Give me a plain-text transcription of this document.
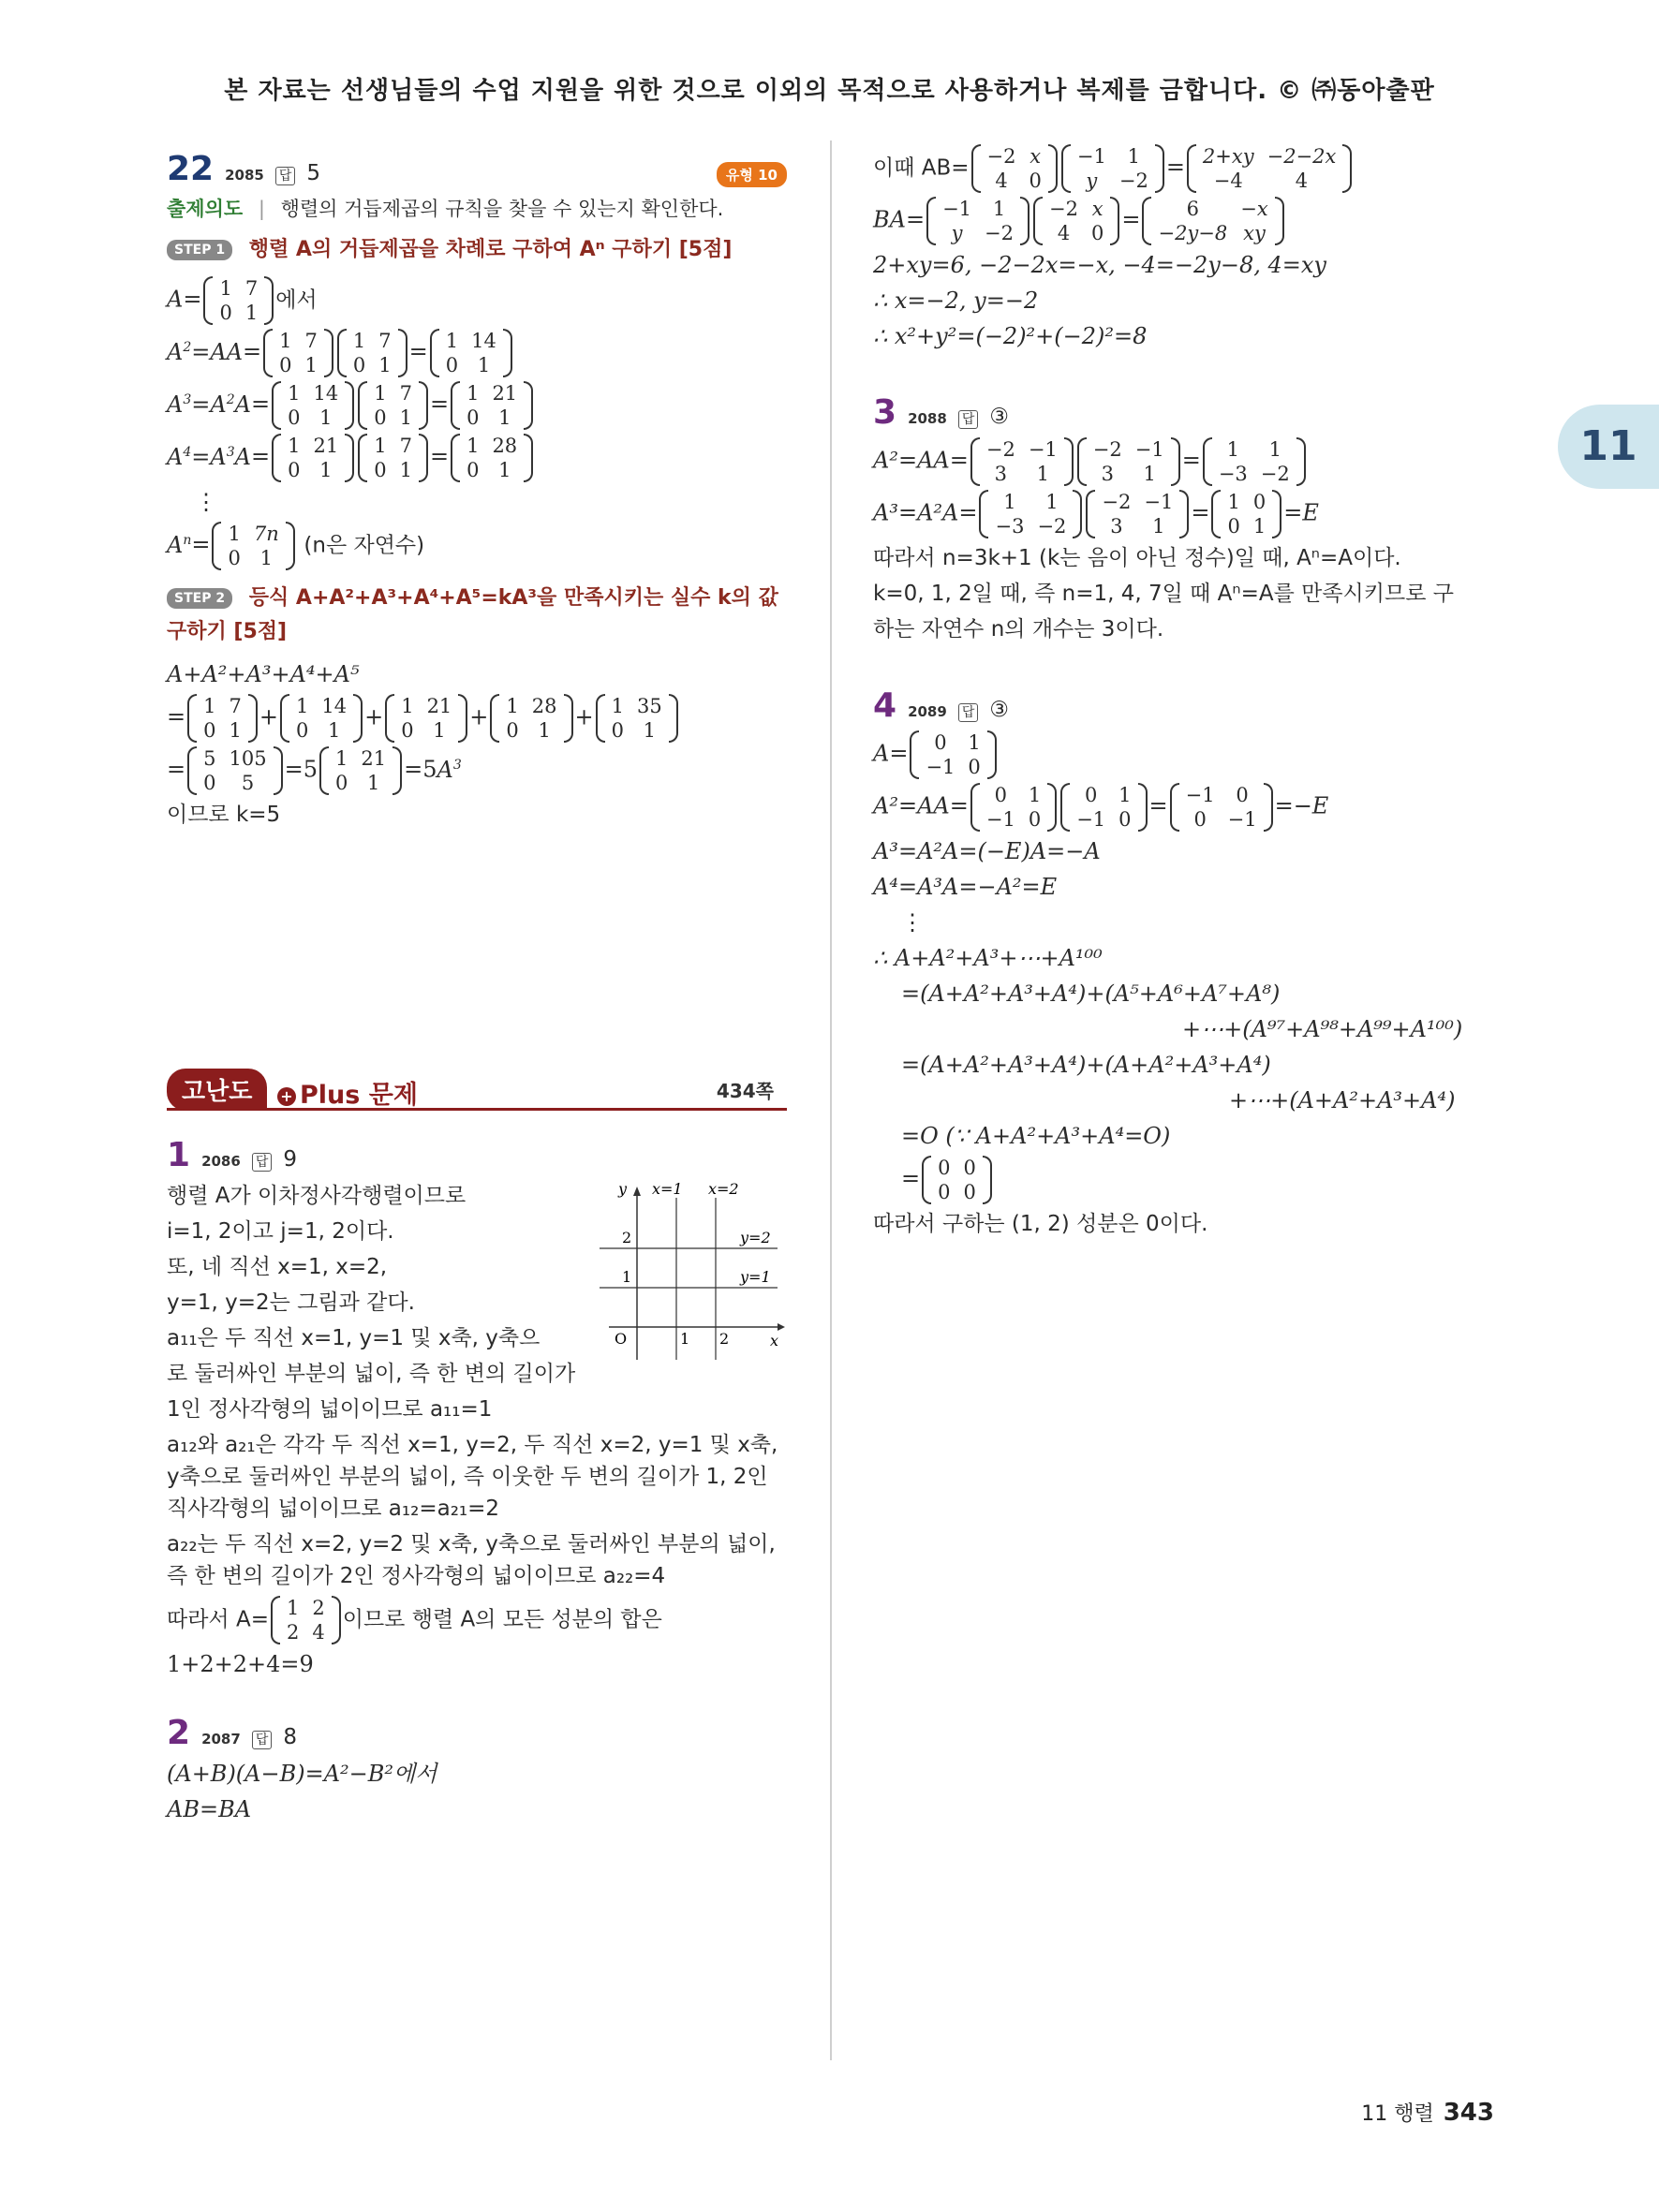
본 자료는 선생님들의 수업 지원을 위한 것으로 이외의 목적으로 사용하거나 복제를 금합니다. © ㈜동아출판
11
22 2085 답 5	유형 10
출제의도 | 행렬의 거듭제곱의 규칙을 찾을 수 있는지 확인한다.
STEP 1 행렬 A의 거듭제곱을 차례로 구하여 Aⁿ 구하기 [5점]
A= 1	7
0	1
에서
$A^2=AA= 1$	7
0	1
1	7
0	1
= 1	14
0	1
$A^3=A^2A= 1$	14
0	1
1	7
0	1
= 1	21
0	1
$A^4=A^3A= 1$	21
0	1
1	7
0	1
= 1	28
0	1
⋮
$A^n= 1$	7n
0	1
(n은 자연수)
STEP 2 등식 A+A²+A³+A⁴+A⁵=kA³을 만족시키는 실수 k의 값 구하기 [5점]
A+A²+A³+A⁴+A⁵
= 1	7
0	1
+ 1	14
0	1
+ 1	21
0	1
+ 1	28
0	1
+ 1	35
0	1
= 5	105
0	5
=5 1	21
0	1
$=5A^3$
이므로 k=5
고난도	+ Plus 문제	434쪽
1 2086 답 9
y x=1 x=2
y=2
y=1
2
1
O	1 2	x
행렬 A가 이차정사각행렬이므로
i=1, 2이고 j=1, 2이다.
또, 네 직선 x=1, x=2,
y=1, y=2는 그림과 같다.
a₁₁은 두 직선 x=1, y=1 및 x축, y축으
로 둘러싸인 부분의 넓이, 즉 한 변의 길이가
1인 정사각형의 넓이이므로 a₁₁=1
a₁₂와 a₂₁은 각각 두 직선 x=1, y=2, 두 직선 x=2, y=1 및 x축, y축으로 둘러싸인 부분의 넓이, 즉 이웃한 두 변의 길이가 1, 2인 직사각형의 넓이이므로 a₁₂=a₂₁=2
a₂₂는 두 직선 x=2, y=2 및 x축, y축으로 둘러싸인 부분의 넓이, 즉 한 변의 길이가 2인 정사각형의 넓이이므로 a₂₂=4
따라서 A= 1	2
2	4
이므로 행렬 A의 모든 성분의 합은
1+2+2+4=9
2 2087 답 8
(A+B)(A−B)=A²−B²에서
AB=BA
이때 AB= −2	x
4	0
−1	1
y	−2
= 2+xy	−2−2x
−4	4
BA= −1	1
y	−2
−2	x
4	0
= 6	−x
−2y−8	xy
2+xy=6, −2−2x=−x, −4=−2y−8, 4=xy
∴ x=−2, y=−2
∴ x²+y²=(−2)²+(−2)²=8
3 2088 답 ③
A²=AA= −2	−1
3	1
−2	−1
3	1
= 1	1
−3	−2
A³=A²A= 1	1
−3	−2
−2	−1
3	1
= 1	0
0	1
=E
따라서 n=3k+1 (k는 음이 아닌 정수)일 때, Aⁿ=A이다.
k=0, 1, 2일 때, 즉 n=1, 4, 7일 때 Aⁿ=A를 만족시키므로 구
하는 자연수 n의 개수는 3이다.
4 2089 답 ③
A= 0	1
−1	0
A²=AA= 0	1
−1	0
0	1
−1	0
= −1	0
0	−1
=−E
A³=A²A=(−E)A=−A
A⁴=A³A=−A²=E
⋮
∴ A+A²+A³+⋯+A¹⁰⁰
=(A+A²+A³+A⁴)+(A⁵+A⁶+A⁷+A⁸)
+⋯+(A⁹⁷+A⁹⁸+A⁹⁹+A¹⁰⁰)
=(A+A²+A³+A⁴)+(A+A²+A³+A⁴)
+⋯+(A+A²+A³+A⁴)
=O (∵ A+A²+A³+A⁴=O)
= 0	0
0	0
따라서 구하는 (1, 2) 성분은 0이다.
11 행렬 343
